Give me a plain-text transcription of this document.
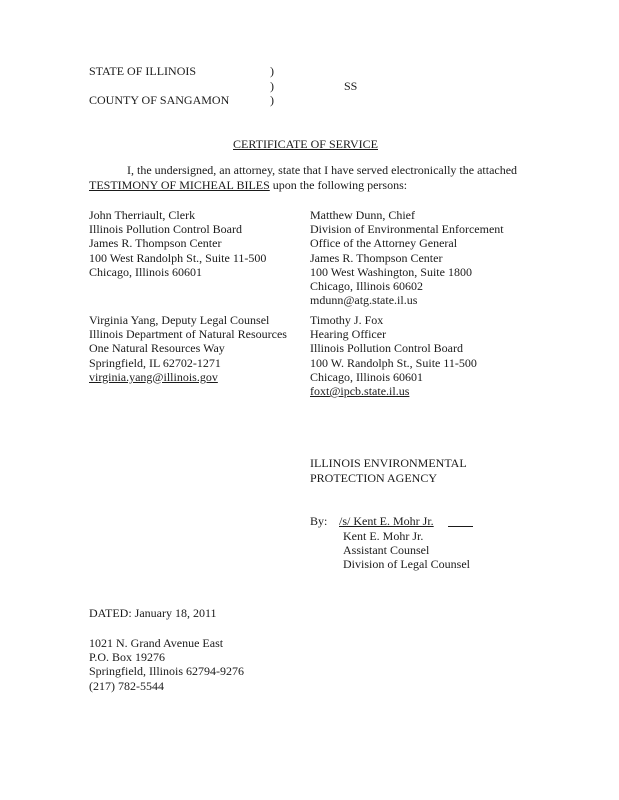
STATE OF ILLINOIS	)
)	SS
COUNTY OF SANGAMON	)
CERTIFICATE OF SERVICE
I, the undersigned, an attorney, state that I have served electronically the attached
TESTIMONY OF MICHEAL BILES upon the following persons:
John Therriault, Clerk
Illinois Pollution Control Board
James R. Thompson Center
100 West Randolph St., Suite 11-500
Chicago, Illinois 60601
Matthew Dunn, Chief
Division of Environmental Enforcement
Office of the Attorney General
James R. Thompson Center
100 West Washington, Suite 1800
Chicago, Illinois 60602
mdunn@atg.state.il.us
Virginia Yang, Deputy Legal Counsel
Illinois Department of Natural Resources
One Natural Resources Way
Springfield, IL 62702-1271
virginia.yang@illinois.gov
Timothy J. Fox
Hearing Officer
Illinois Pollution Control Board
100 W. Randolph St., Suite 11-500
Chicago, Illinois 60601
foxt@ipcb.state.il.us
ILLINOIS ENVIRONMENTAL
PROTECTION AGENCY
By: /s/ Kent E. Mohr Jr.
Kent E. Mohr Jr.
Assistant Counsel
Division of Legal Counsel
DATED: January 18, 2011
1021 N. Grand Avenue East
P.O. Box 19276
Springfield, Illinois 62794-9276
(217) 782-5544
